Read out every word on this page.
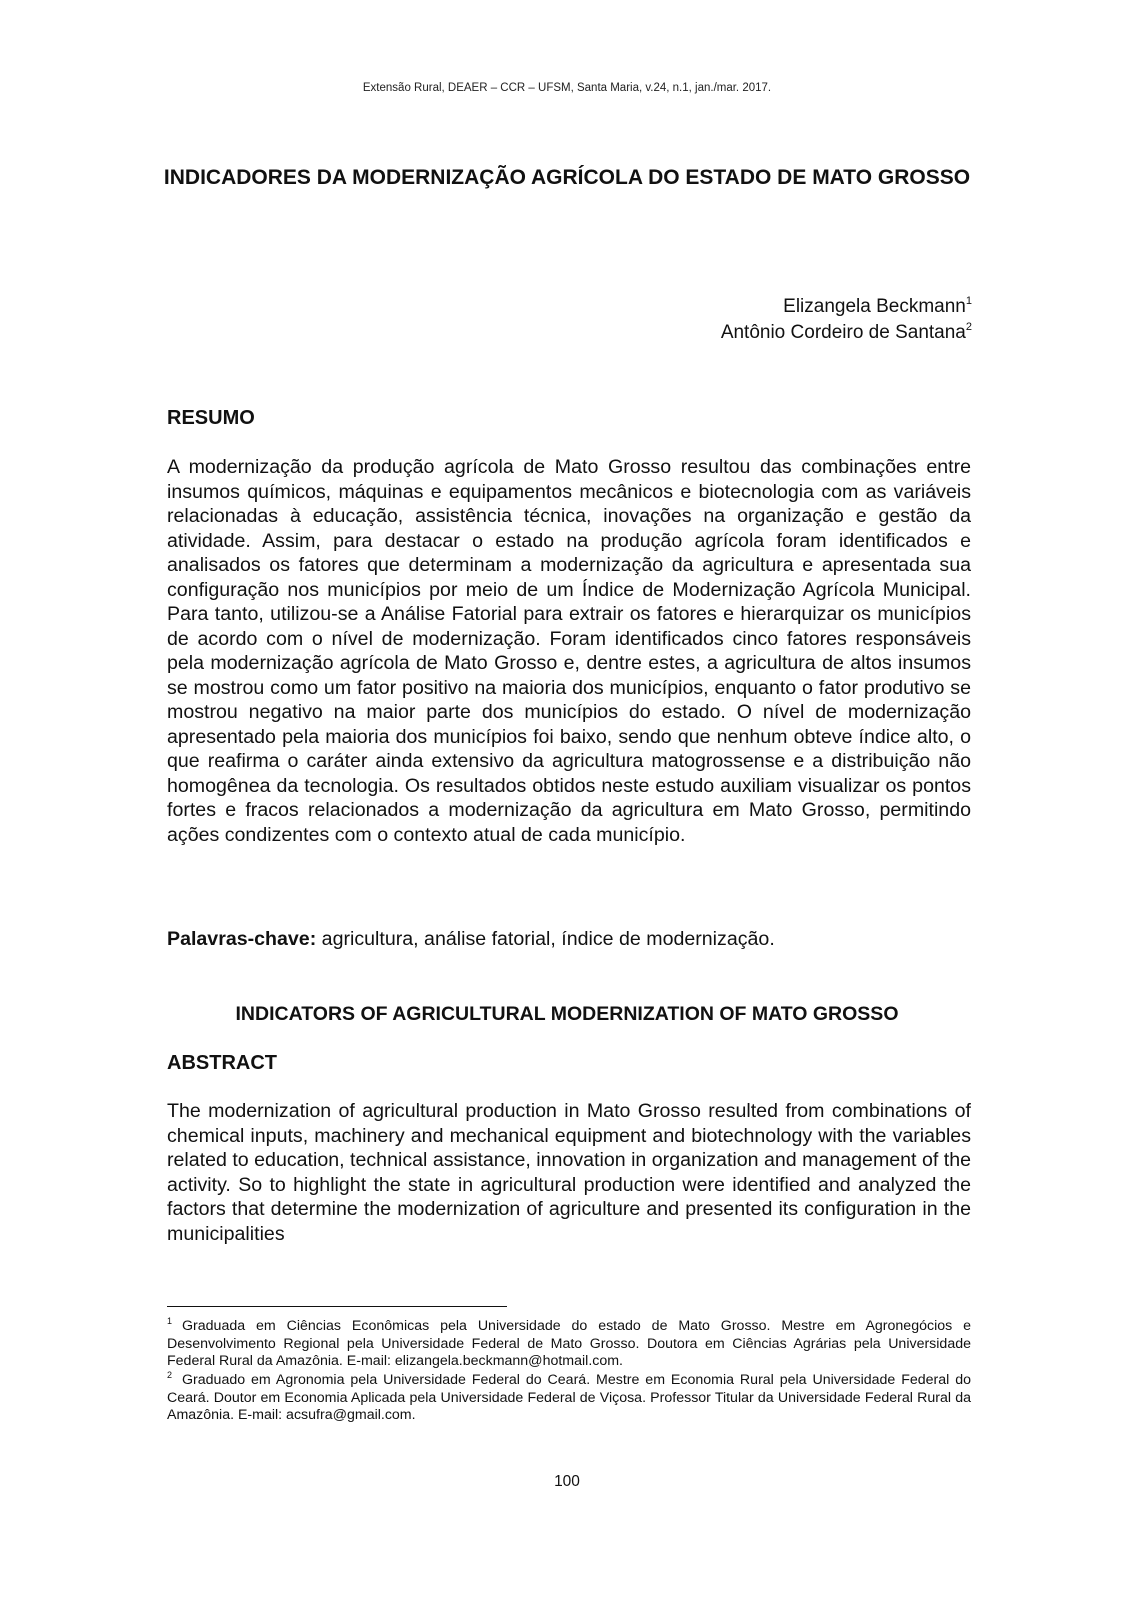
Extensão Rural, DEAER – CCR – UFSM, Santa Maria, v.24, n.1, jan./mar. 2017.
INDICADORES DA MODERNIZAÇÃO AGRÍCOLA DO ESTADO DE MATO GROSSO
Elizangela Beckmann$^1$
Antônio Cordeiro de Santana$^2$
RESUMO
A modernização da produção agrícola de Mato Grosso resultou das combinações entre insumos químicos, máquinas e equipamentos mecânicos e biotecnologia com as variáveis relacionadas à educação, assistência técnica, inovações na organização e gestão da atividade. Assim, para destacar o estado na produção agrícola foram identificados e analisados os fatores que determinam a modernização da agricultura e apresentada sua configuração nos municípios por meio de um Índice de Modernização Agrícola Municipal. Para tanto, utilizou-se a Análise Fatorial para extrair os fatores e hierarquizar os municípios de acordo com o nível de modernização. Foram identificados cinco fatores responsáveis pela modernização agrícola de Mato Grosso e, dentre estes, a agricultura de altos insumos se mostrou como um fator positivo na maioria dos municípios, enquanto o fator produtivo se mostrou negativo na maior parte dos municípios do estado. O nível de modernização apresentado pela maioria dos municípios foi baixo, sendo que nenhum obteve índice alto, o que reafirma o caráter ainda extensivo da agricultura matogrossense e a distribuição não homogênea da tecnologia. Os resultados obtidos neste estudo auxiliam visualizar os pontos fortes e fracos relacionados a modernização da agricultura em Mato Grosso, permitindo ações condizentes com o contexto atual de cada município.
Palavras-chave: agricultura, análise fatorial, índice de modernização.
INDICATORS OF AGRICULTURAL MODERNIZATION OF MATO GROSSO
ABSTRACT
The modernization of agricultural production in Mato Grosso resulted from combinations of chemical inputs, machinery and mechanical equipment and biotechnology with the variables related to education, technical assistance, innovation in organization and management of the activity. So to highlight the state in agricultural production were identified and analyzed the factors that determine the modernization of agriculture and presented its configuration in the municipalities
$^1$ Graduada em Ciências Econômicas pela Universidade do estado de Mato Grosso. Mestre em Agronegócios e Desenvolvimento Regional pela Universidade Federal de Mato Grosso. Doutora em Ciências Agrárias pela Universidade Federal Rural da Amazônia. E-mail: elizangela.beckmann@hotmail.com.
$^2$ Graduado em Agronomia pela Universidade Federal do Ceará. Mestre em Economia Rural pela Universidade Federal do Ceará. Doutor em Economia Aplicada pela Universidade Federal de Viçosa. Professor Titular da Universidade Federal Rural da Amazônia. E-mail: acsufra@gmail.com.
100
